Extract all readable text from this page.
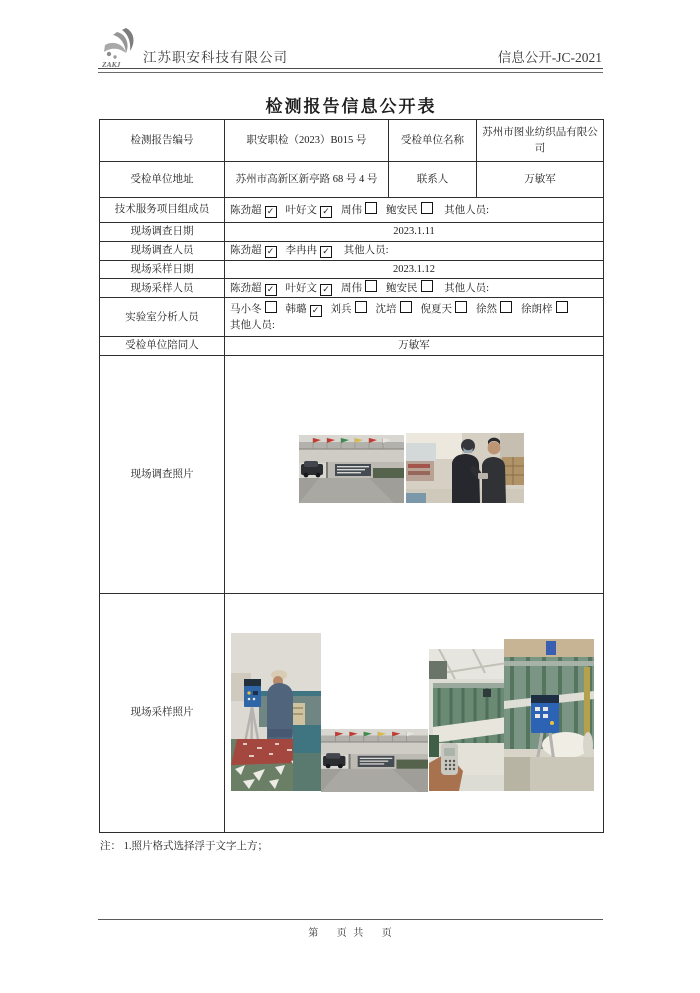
ZAKJ 江苏职安科技有限公司	信息公开-JC-2021
检测报告信息公开表
检测报告编号	职安职检（2023）B015 号	受检单位名称	苏州市图业纺织品有限公司
受检单位地址	苏州市高新区新亭路 68 号 4 号	联系人	万敏军
技术服务项目组成员	陈劲超 ✓ 叶好文 ✓ 周伟 鲍安民 其他人员:		
现场调查日期	2023.1.11		
现场调查人员	陈劲超 ✓ 李冉冉 ✓ 其他人员:		
现场采样日期	2023.1.12		
现场采样人员	陈劲超 ✓ 叶好文 ✓ 周伟 鲍安民 其他人员:		
实验室分析人员	马小冬 韩璐 ✓ 刘兵 沈培 倪夏天 徐然 徐朗梓
其他人员:		

受检单位陪同人	万敏军		
现场调查照片	

现场采样照片	
注： 1.照片格式选择浮于文字上方；
第　 页 共 　页
